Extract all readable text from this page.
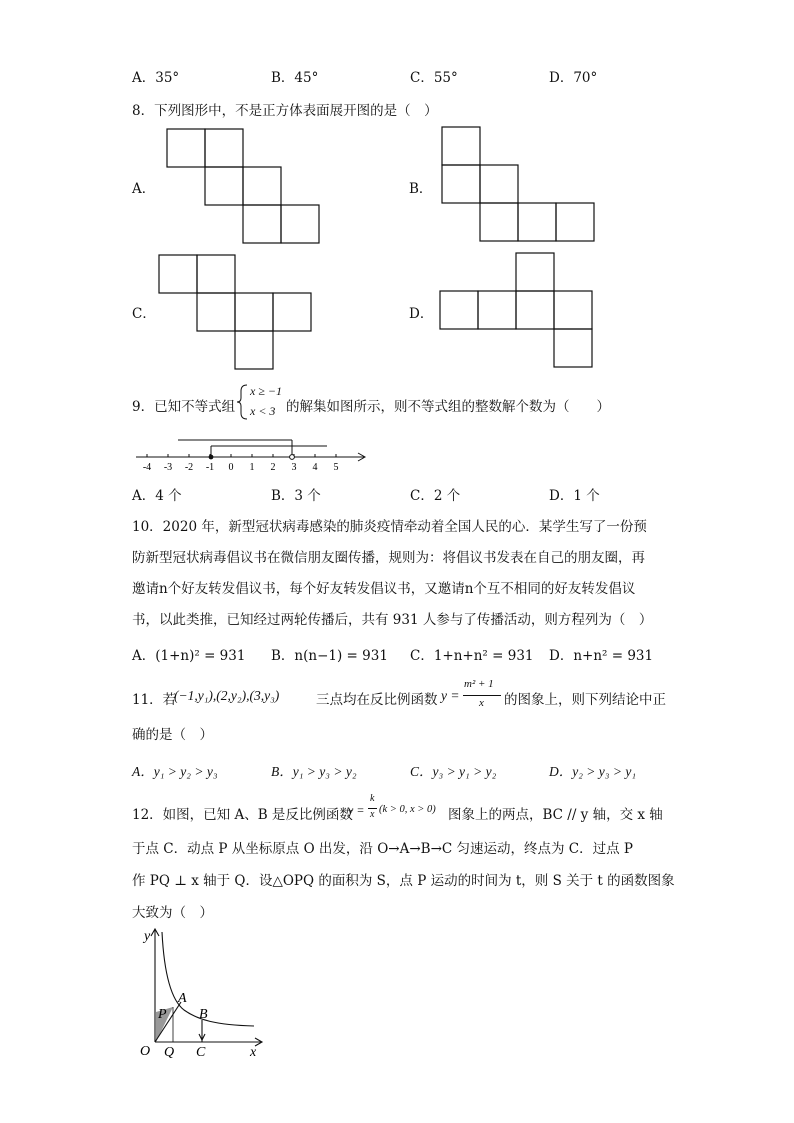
A．35°	B．45°	C．55°	D．70°
8．下列图形中，不是正方体表面展开图的是（　）
A．	B．
C．	D．
9．已知不等式组
x ≥ −1
x < 3 的解集如图所示，则不等式组的整数解个数为（　　）
-4 -3 -2 -1 0 1 2 3 4 5
A．4 个	B．3 个	C．2 个	D．1 个
10．2020 年，新型冠状病毒感染的肺炎疫情牵动着全国人民的心．某学生写了一份预
防新型冠状病毒倡议书在微信朋友圈传播，规则为：将倡议书发表在自己的朋友圈，再
邀请n个好友转发倡议书，每个好友转发倡议书，又邀请n个互不相同的好友转发倡议
书，以此类推，已知经过两轮传播后，共有 931 人参与了传播活动，则方程列为（　）
A．(1+n)² = 931 B．n(n−1) = 931 C．1+n+n² = 931 D．n+n² = 931
11．若
(−1,y₁),(2,y₂),(3,y₃)	三点均在反比例函数 y =
m² + 1
x 的图象上，则下列结论中正
确的是（　）
A．y₁ > y₂ > y₃	B．y₁ > y₃ > y₂	C．y₃ > y₁ > y₂	D．y₂ > y₃ > y₁
12．如图，已知 A、B 是反比例函数
y =
k
x (k > 0, x > 0) 图象上的两点，BC // y 轴，交 x 轴
于点 C．动点 P 从坐标原点 O 出发，沿 O→A→B→C 匀速运动，终点为 C．过点 P
作 PQ ⊥ x 轴于 Q．设△OPQ 的面积为 S，点 P 运动的时间为 t，则 S 关于 t 的函数图象
大致为（　）
y
x
O
P
Q
A
B
C
